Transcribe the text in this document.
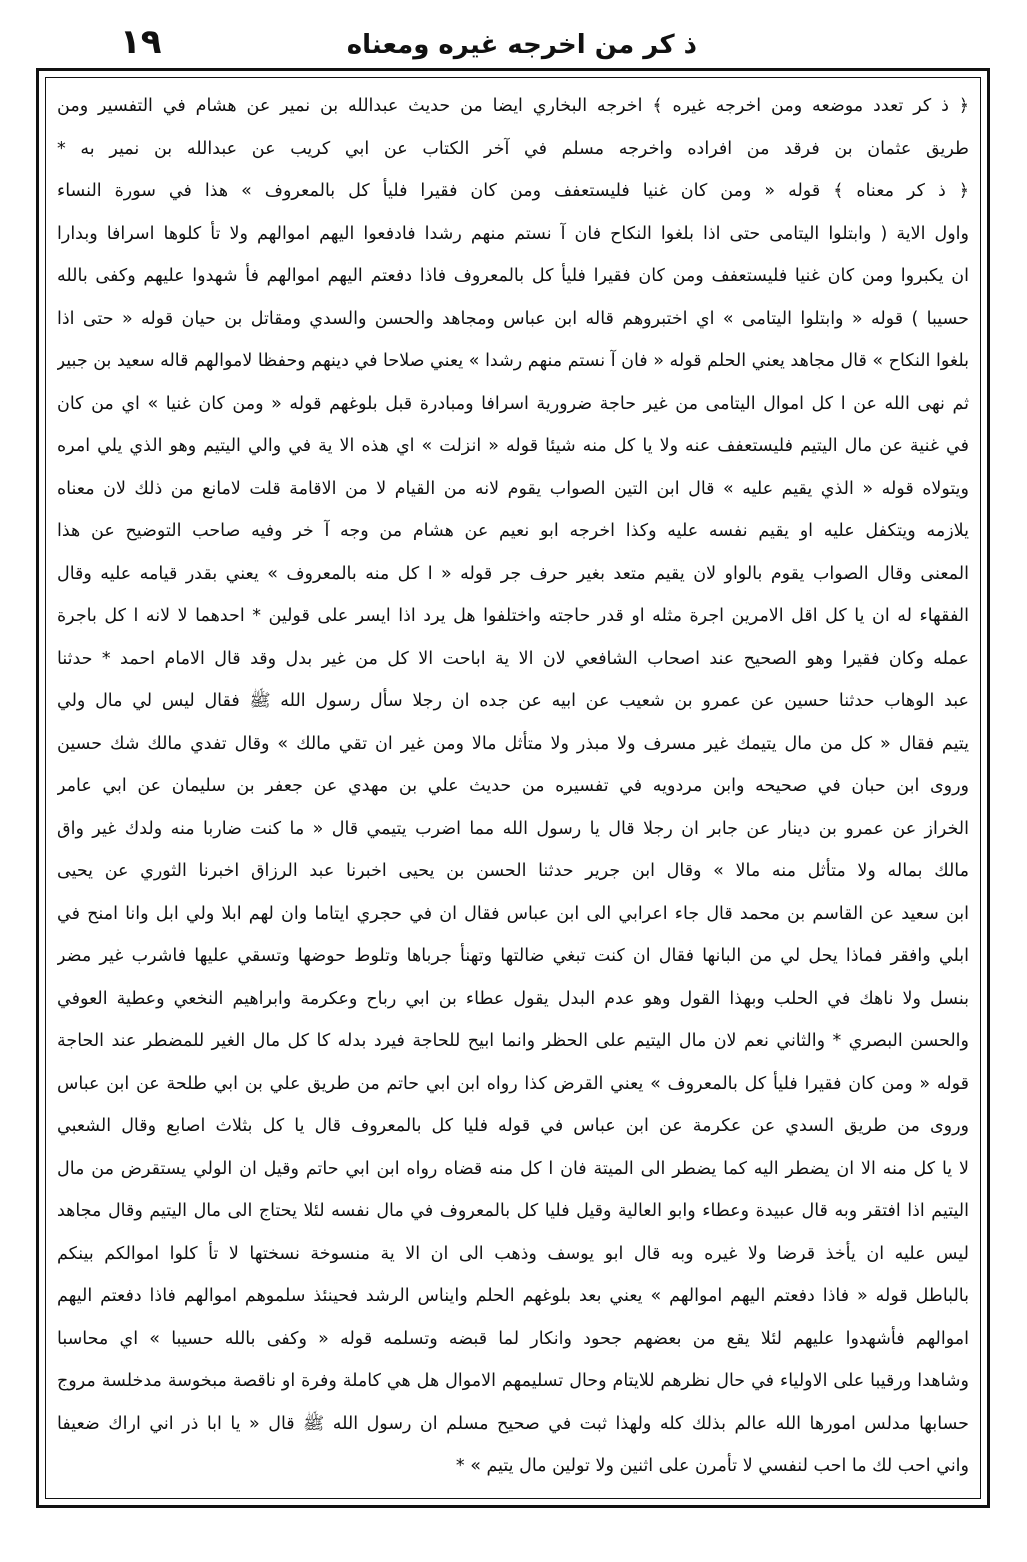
١٩	ذ كر من اخرجه غيره ومعناه
﴿ ذ كر تعدد موضعه ومن اخرجه غيره ﴾ اخرجه البخاري ايضا من حديث عبدالله بن نمير عن هشام في التفسير ومن
طريق عثمان بن فرقد من افراده واخرجه مسلم في آخر الكتاب عن ابي كريب عن عبدالله بن نمير به *
﴿ ذ كر معناه ﴾ قوله « ومن كان غنيا فليستعفف ومن كان فقيرا فليأ كل بالمعروف » هذا في سورة النساء
واول الاية ( وابتلوا اليتامى حتى اذا بلغوا النكاح فان آ نستم منهم رشدا فادفعوا اليهم اموالهم ولا تأ كلوها اسرافا وبدارا
ان يكبروا ومن كان غنيا فليستعفف ومن كان فقيرا فليأ كل بالمعروف فاذا دفعتم اليهم اموالهم فأ شهدوا عليهم وكفى بالله
حسيبا ) قوله « وابتلوا اليتامى » اي اختبروهم قاله ابن عباس ومجاهد والحسن والسدي ومقاتل بن حيان قوله « حتى اذا
بلغوا النكاح » قال مجاهد يعني الحلم قوله « فان آ نستم منهم رشدا » يعني صلاحا في دينهم وحفظا لاموالهم قاله سعيد بن جبير
ثم نهى الله عن ا كل اموال اليتامى من غير حاجة ضرورية اسرافا ومبادرة قبل بلوغهم قوله « ومن كان غنيا » اي من كان
في غنية عن مال اليتيم فليستعفف عنه ولا يا كل منه شيئا قوله « انزلت » اي هذه الا ية في والي اليتيم وهو الذي يلي امره
ويتولاه قوله « الذي يقيم عليه » قال ابن التين الصواب يقوم لانه من القيام لا من الاقامة قلت لامانع من ذلك لان معناه
يلازمه ويتكفل عليه او يقيم نفسه عليه وكذا اخرجه ابو نعيم عن هشام من وجه آ خر وفيه صاحب التوضيح عن هذا
المعنى وقال الصواب يقوم بالواو لان يقيم متعد بغير حرف جر قوله « ا كل منه بالمعروف » يعني بقدر قيامه عليه وقال
الفقهاء له ان يا كل اقل الامرين اجرة مثله او قدر حاجته واختلفوا هل يرد اذا ايسر على قولين * احدهما لا لانه ا كل باجرة
عمله وكان فقيرا وهو الصحيح عند اصحاب الشافعي لان الا ية اباحت الا كل من غير بدل وقد قال الامام احمد * حدثنا
عبد الوهاب حدثنا حسين عن عمرو بن شعيب عن ابيه عن جده ان رجلا سأل رسول الله ﷺ فقال ليس لي مال ولي
يتيم فقال « كل من مال يتيمك غير مسرف ولا مبذر ولا متأثل مالا ومن غير ان تقي مالك » وقال تفدي مالك شك حسين
وروى ابن حبان في صحيحه وابن مردويه في تفسيره من حديث علي بن مهدي عن جعفر بن سليمان عن ابي عامر
الخراز عن عمرو بن دينار عن جابر ان رجلا قال يا رسول الله مما اضرب يتيمي قال « ما كنت ضاربا منه ولدك غير واق
مالك بماله ولا متأثل منه مالا » وقال ابن جرير حدثنا الحسن بن يحيى اخبرنا عبد الرزاق اخبرنا الثوري عن يحيى
ابن سعيد عن القاسم بن محمد قال جاء اعرابي الى ابن عباس فقال ان في حجري ايتاما وان لهم ابلا ولي ابل وانا امنح في
ابلي وافقر فماذا يحل لي من البانها فقال ان كنت تبغي ضالتها وتهنأ جرباها وتلوط حوضها وتسقي عليها فاشرب غير مضر
بنسل ولا ناهك في الحلب وبهذا القول وهو عدم البدل يقول عطاء بن ابي رباح وعكرمة وابراهيم النخعي وعطية العوفي
والحسن البصري * والثاني نعم لان مال اليتيم على الحظر وانما ابيح للحاجة فيرد بدله كا كل مال الغير للمضطر عند الحاجة
قوله « ومن كان فقيرا فليأ كل بالمعروف » يعني القرض كذا رواه ابن ابي حاتم من طريق علي بن ابي طلحة عن ابن عباس
وروى من طريق السدي عن عكرمة عن ابن عباس في قوله فليا كل بالمعروف قال يا كل بثلاث اصابع وقال الشعبي
لا يا كل منه الا ان يضطر اليه كما يضطر الى الميتة فان ا كل منه قضاه رواه ابن ابي حاتم وقيل ان الولي يستقرض من مال
اليتيم اذا افتقر وبه قال عبيدة وعطاء وابو العالية وقيل فليا كل بالمعروف في مال نفسه لئلا يحتاج الى مال اليتيم وقال مجاهد
ليس عليه ان يأخذ قرضا ولا غيره وبه قال ابو يوسف وذهب الى ان الا ية منسوخة نسختها لا تأ كلوا اموالكم بينكم
بالباطل قوله « فاذا دفعتم اليهم اموالهم » يعني بعد بلوغهم الحلم وايناس الرشد فحينئذ سلموهم اموالهم فاذا دفعتم اليهم
اموالهم فأشهدوا عليهم لئلا يقع من بعضهم جحود وانكار لما قبضه وتسلمه قوله « وكفى بالله حسيبا » اي محاسبا
وشاهدا ورقيبا على الاولياء في حال نظرهم للايتام وحال تسليمهم الاموال هل هي كاملة وفرة او ناقصة مبخوسة مدخلسة مروج
حسابها مدلس امورها الله عالم بذلك كله ولهذا ثبت في صحيح مسلم ان رسول الله ﷺ قال « يا ابا ذر اني اراك ضعيفا
واني احب لك ما احب لنفسي لا تأمرن على اثنين ولا تولين مال يتيم » *
